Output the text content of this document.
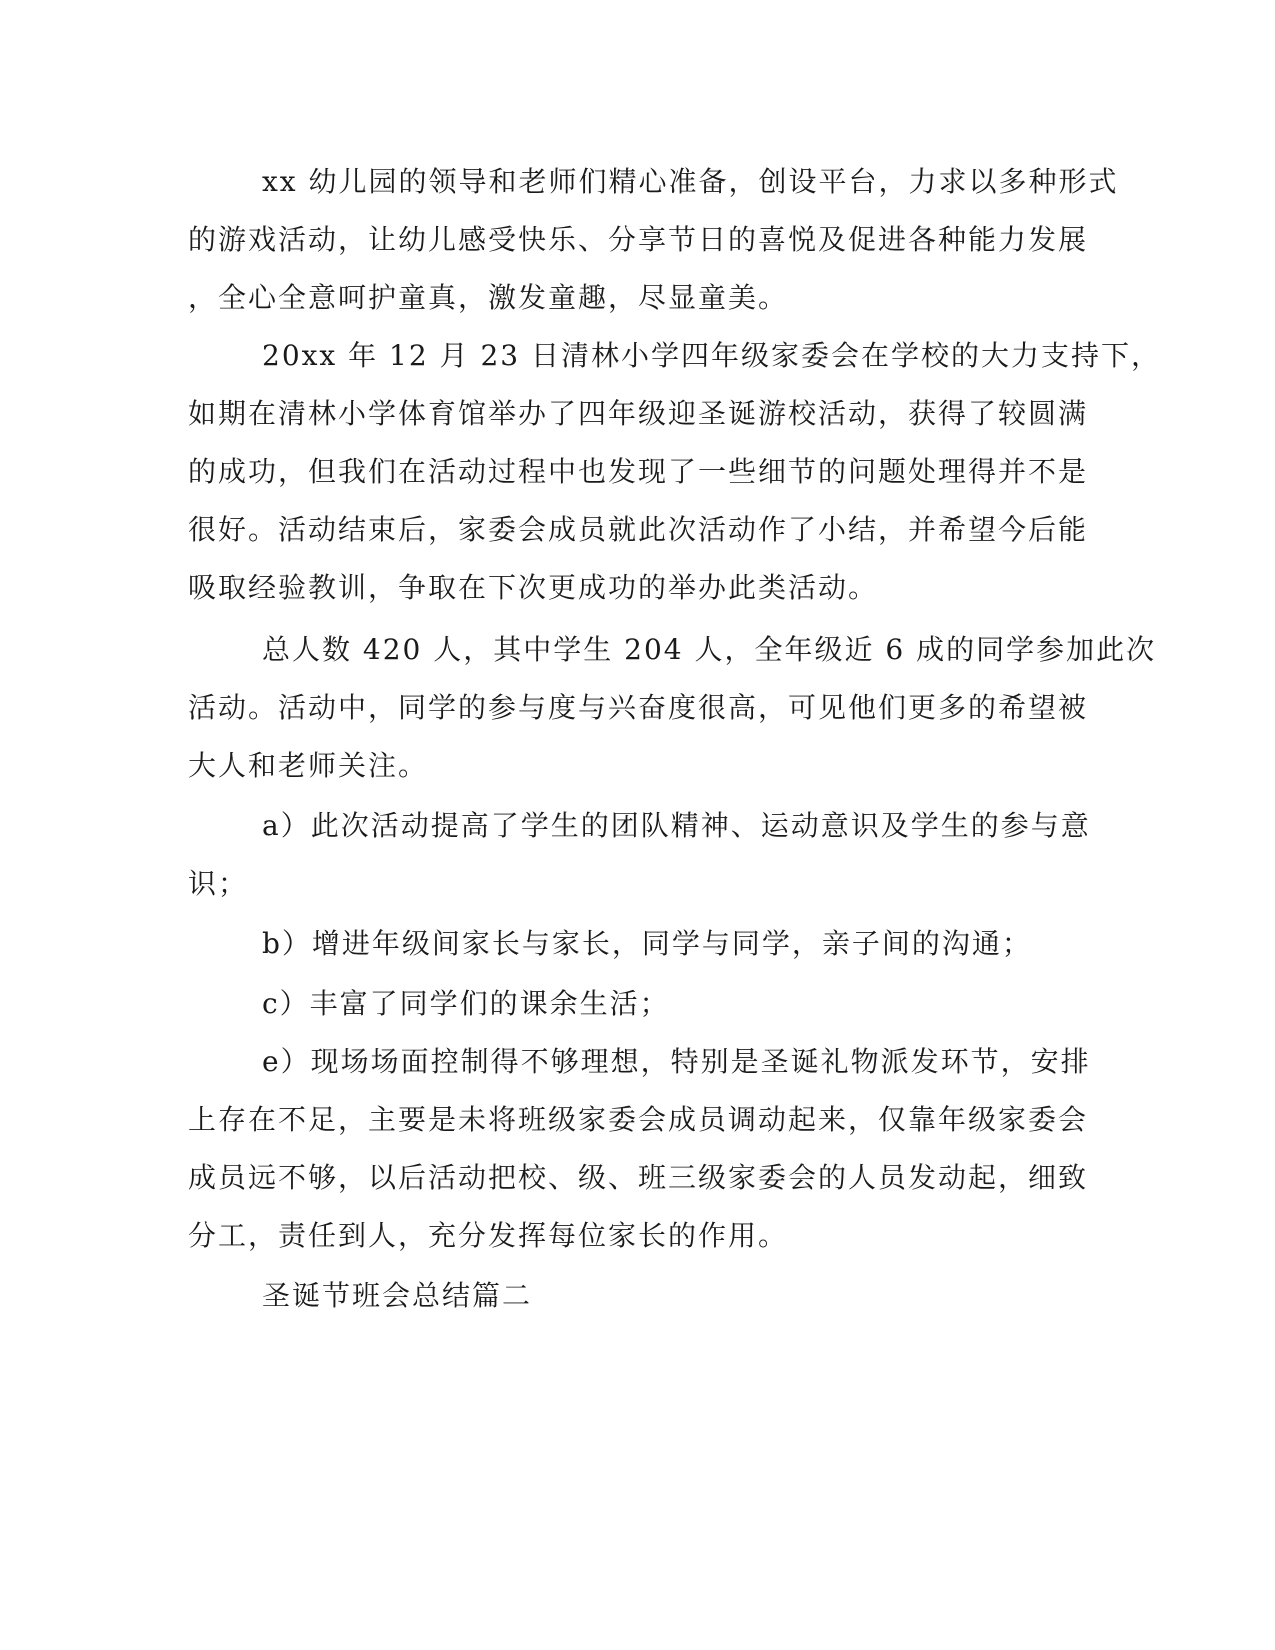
xx 幼儿园的领导和老师们精心准备，创设平台，力求以多种形式
的游戏活动，让幼儿感受快乐、分享节日的喜悦及促进各种能力发展
，全心全意呵护童真，激发童趣，尽显童美。
20xx 年 12 月 23 日清林小学四年级家委会在学校的大力支持下，
如期在清林小学体育馆举办了四年级迎圣诞游校活动，获得了较圆满
的成功，但我们在活动过程中也发现了一些细节的问题处理得并不是
很好。活动结束后，家委会成员就此次活动作了小结，并希望今后能
吸取经验教训，争取在下次更成功的举办此类活动。
总人数 420 人，其中学生 204 人，全年级近 6 成的同学参加此次
活动。活动中，同学的参与度与兴奋度很高，可见他们更多的希望被
大人和老师关注。
a）此次活动提高了学生的团队精神、运动意识及学生的参与意
识；
b）增进年级间家长与家长，同学与同学，亲子间的沟通；
c）丰富了同学们的课余生活；
e）现场场面控制得不够理想，特别是圣诞礼物派发环节，安排
上存在不足，主要是未将班级家委会成员调动起来，仅靠年级家委会
成员远不够，以后活动把校、级、班三级家委会的人员发动起，细致
分工，责任到人，充分发挥每位家长的作用。
圣诞节班会总结篇二
